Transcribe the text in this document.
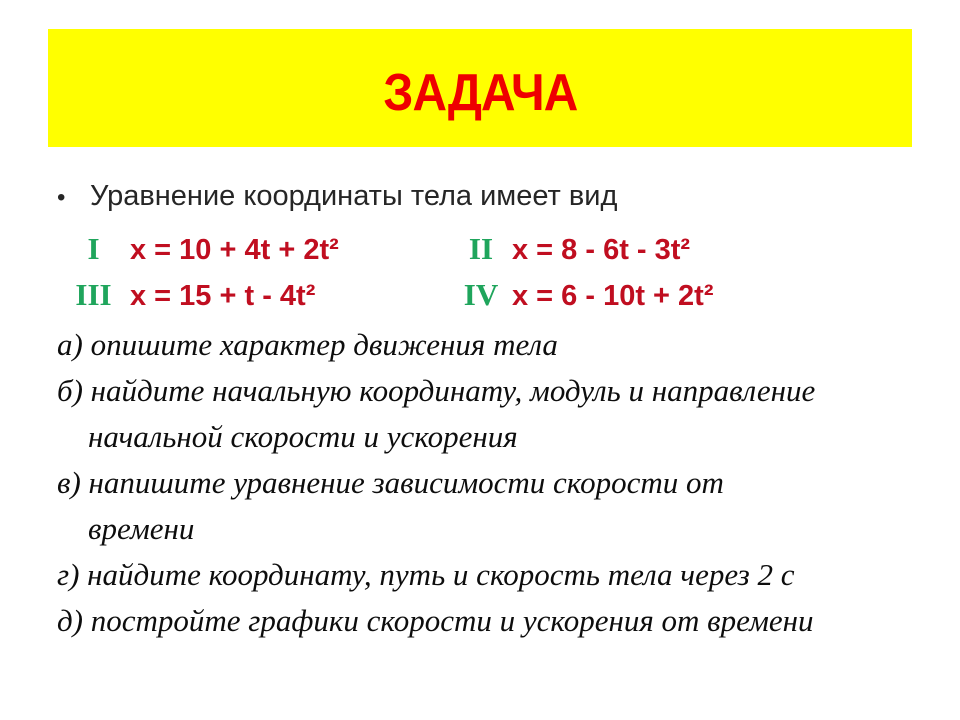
ЗАДАЧА
• Уравнение координаты тела имеет вид
I x = 10 + 4t + 2t²	II x = 8 - 6t - 3t²
III x = 15 + t - 4t²	IV x = 6 - 10t + 2t²
а) опишите характер движения тела
б) найдите начальную координату, модуль и направление
начальной скорости и ускорения
в) напишите уравнение зависимости скорости от
времени
г) найдите координату, путь и скорость тела через 2 с
д) постройте графики скорости и ускорения от времени
